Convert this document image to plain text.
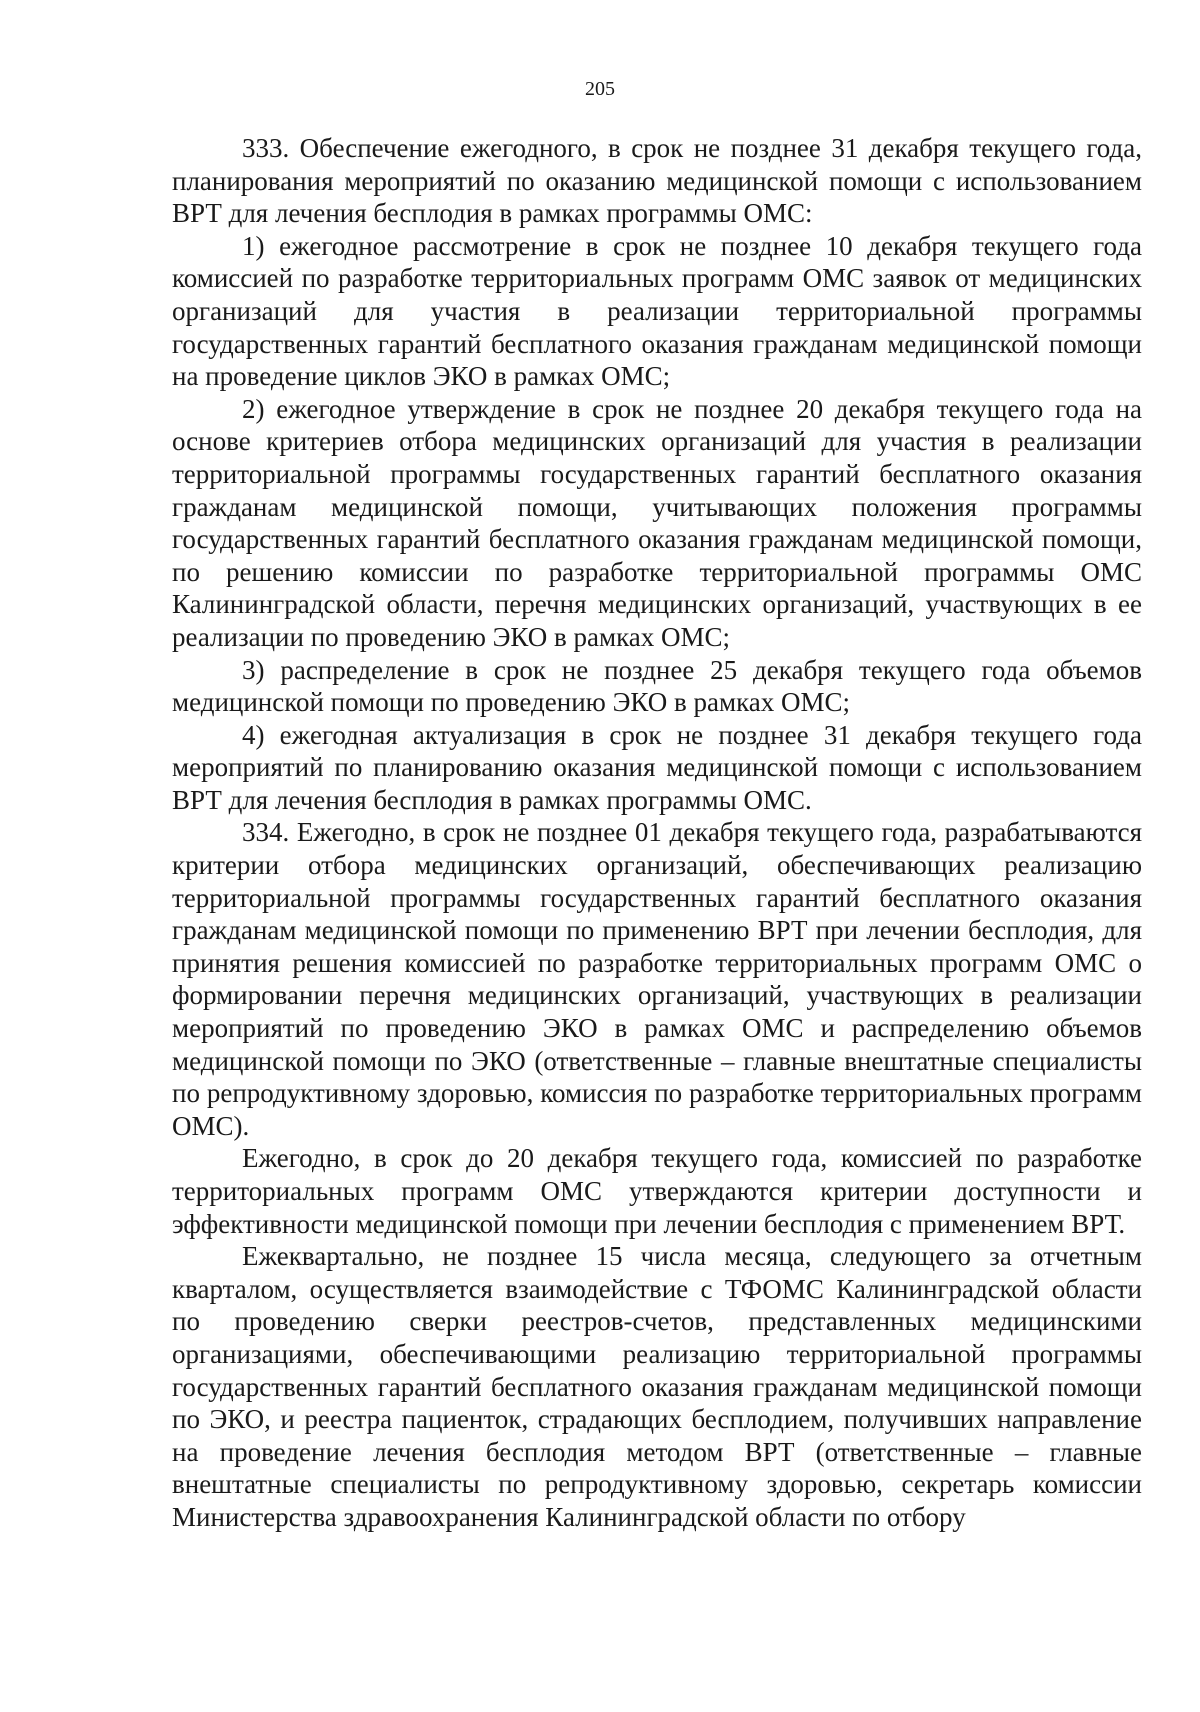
205

333. Обеспечение ежегодного, в срок не позднее 31 декабря текущего года, планирования мероприятий по оказанию медицинской помощи с использованием ВРТ для лечения бесплодия в рамках программы ОМС:

1) ежегодное рассмотрение в срок не позднее 10 декабря текущего года комиссией по разработке территориальных программ ОМС заявок от медицинских организаций для участия в реализации территориальной программы государственных гарантий бесплатного оказания гражданам медицинской помощи на проведение циклов ЭКО в рамках ОМС;

2) ежегодное утверждение в срок не позднее 20 декабря текущего года на основе критериев отбора медицинских организаций для участия в реализации территориальной программы государственных гарантий бесплатного оказания гражданам медицинской помощи, учитывающих положения программы государственных гарантий бесплатного оказания гражданам медицинской помощи, по решению комиссии по разработке территориальной программы ОМС Калининградской области, перечня медицинских организаций, участвующих в ее реализации по проведению ЭКО в рамках ОМС;

3) распределение в срок не позднее 25 декабря текущего года объемов медицинской помощи по проведению ЭКО в рамках ОМС;

4) ежегодная актуализация в срок не позднее 31 декабря текущего года мероприятий по планированию оказания медицинской помощи с использованием ВРТ для лечения бесплодия в рамках программы ОМС.

334. Ежегодно, в срок не позднее 01 декабря текущего года, разрабатываются критерии отбора медицинских организаций, обеспечивающих реализацию территориальной программы государственных гарантий бесплатного оказания гражданам медицинской помощи по применению ВРТ при лечении бесплодия, для принятия решения комиссией по разработке территориальных программ ОМС о формировании перечня медицинских организаций, участвующих в реализации мероприятий по проведению ЭКО в рамках ОМС и распределению объемов медицинской помощи по ЭКО (ответственные – главные внештатные специалисты по репродуктивному здоровью, комиссия по разработке территориальных программ ОМС).

Ежегодно, в срок до 20 декабря текущего года, комиссией по разработке территориальных программ ОМС утверждаются критерии доступности и эффективности медицинской помощи при лечении бесплодия с применением ВРТ.

Ежеквартально, не позднее 15 числа месяца, следующего за отчетным кварталом, осуществляется взаимодействие с ТФОМС Калининградской области по проведению сверки реестров-счетов, представленных медицинскими организациями, обеспечивающими реализацию территориальной программы государственных гарантий бесплатного оказания гражданам медицинской помощи по ЭКО, и реестра пациенток, страдающих бесплодием, получивших направление на проведение лечения бесплодия методом ВРТ (ответственные – главные внештатные специалисты по репродуктивному здоровью, секретарь комиссии Министерства здравоохранения Калининградской области по отбору
